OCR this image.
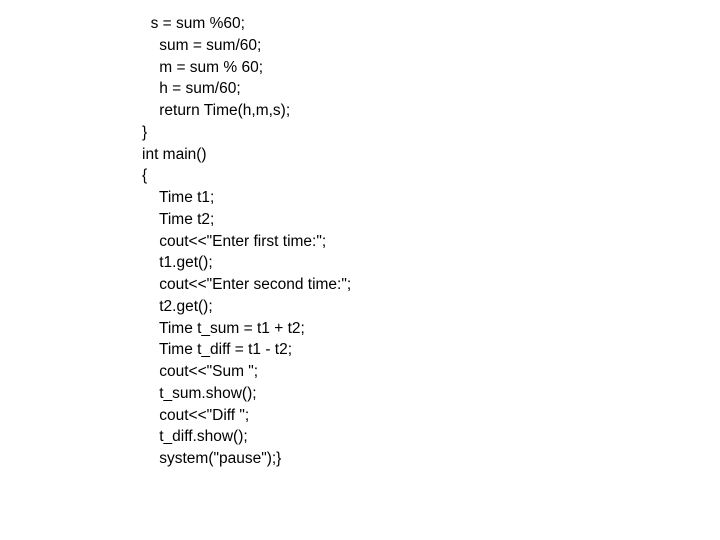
s = sum %60;
sum = sum/60;
m = sum % 60;
h = sum/60;
return Time(h,m,s);
}
int main()
{
Time t1;
Time t2;
cout<<"Enter first time:";
t1.get();
cout<<"Enter second time:";
t2.get();
Time t_sum = t1 + t2;
Time t_diff = t1 - t2;
cout<<"Sum ";
t_sum.show();
cout<<"Diff ";
t_diff.show();
system("pause");}
